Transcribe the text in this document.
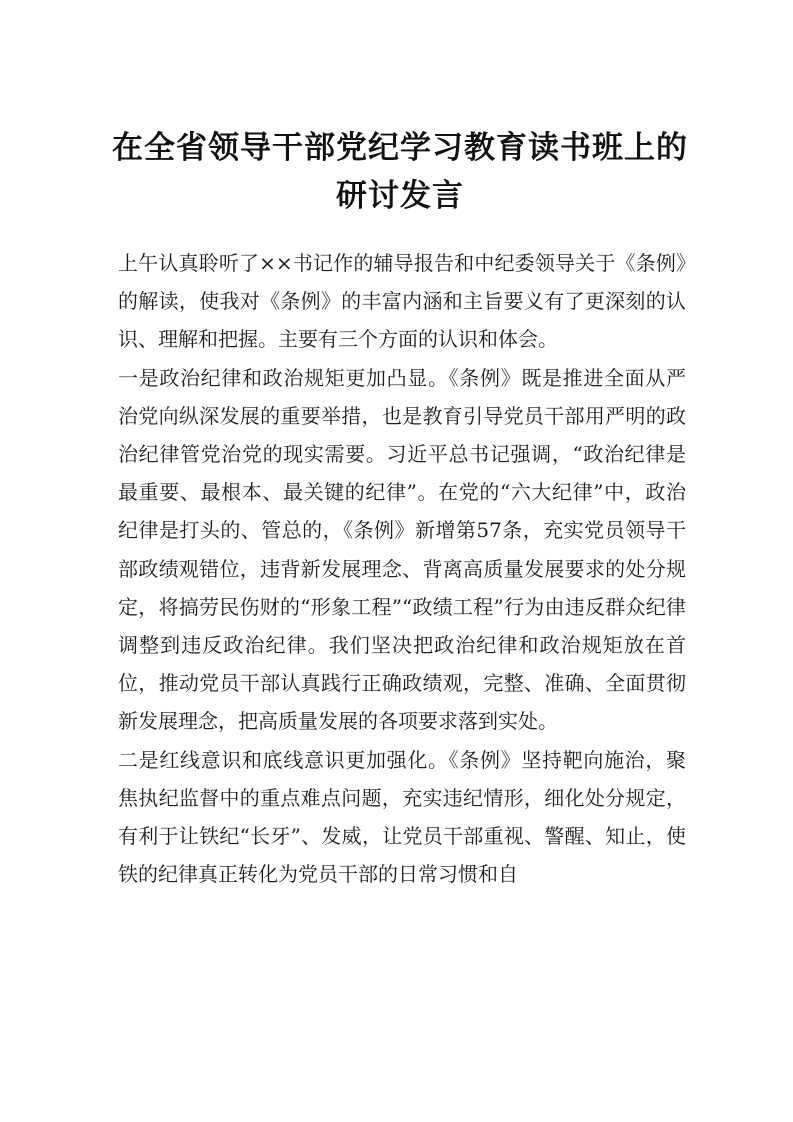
在全省领导干部党纪学习教育读书班上的
研讨发言

上午认真聆听了××书记作的辅导报告和中纪委领导关于《条例》的解读，使我对《条例》的丰富内涵和主旨要义有了更深刻的认识、理解和把握。主要有三个方面的认识和体会。

一是政治纪律和政治规矩更加凸显。《条例》既是推进全面从严治党向纵深发展的重要举措，也是教育引导党员干部用严明的政治纪律管党治党的现实需要。习近平总书记强调，“政治纪律是最重要、最根本、最关键的纪律”。在党的“六大纪律”中，政治纪律是打头的、管总的，《条例》新增第57条，充实党员领导干部政绩观错位，违背新发展理念、背离高质量发展要求的处分规定，将搞劳民伤财的“形象工程”“政绩工程”行为由违反群众纪律调整到违反政治纪律。我们坚决把政治纪律和政治规矩放在首位，推动党员干部认真践行正确政绩观，完整、准确、全面贯彻新发展理念，把高质量发展的各项要求落到实处。

二是红线意识和底线意识更加强化。《条例》坚持靶向施治，聚焦执纪监督中的重点难点问题，充实违纪情形，细化处分规定，有利于让铁纪“长牙”、发威，让党员干部重视、警醒、知止，使铁的纪律真正转化为党员干部的日常习惯和自
